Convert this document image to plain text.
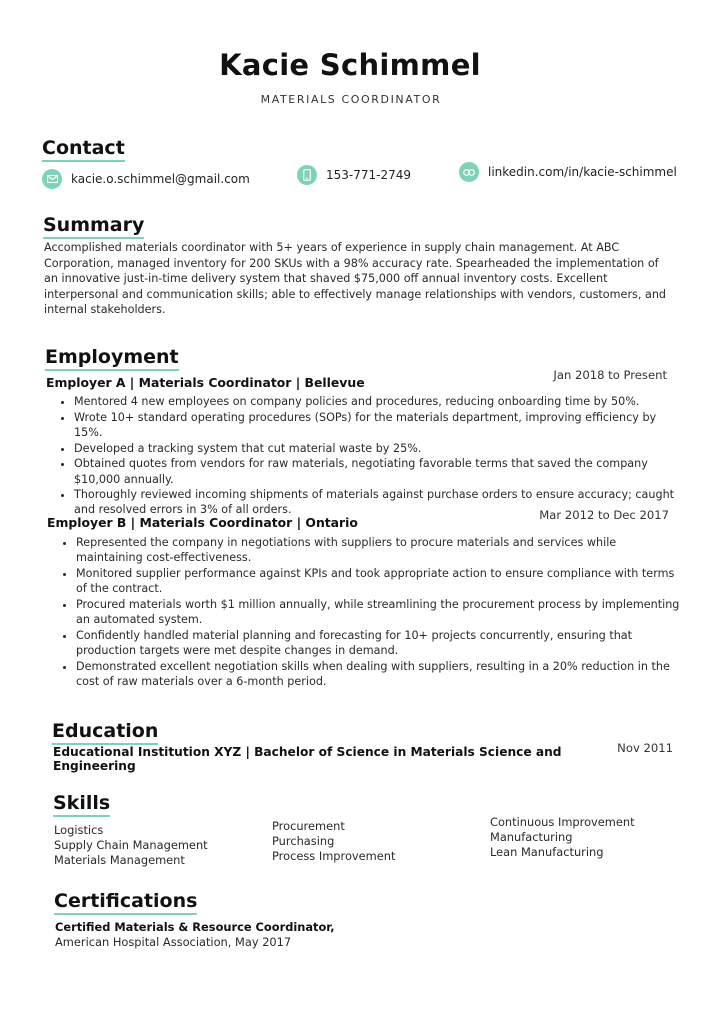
Kacie Schimmel
MATERIALS COORDINATOR
Contact
kacie.o.schimmel@gmail.com	153-771-2749	linkedin.com/in/kacie-schimmel
Summary
Accomplished materials coordinator with 5+ years of experience in supply chain management. At ABC Corporation, managed inventory for 200 SKUs with a 98% accuracy rate. Spearheaded the implementation of an innovative just-in-time delivery system that shaved $75,000 off annual inventory costs. Excellent interpersonal and communication skills; able to effectively manage relationships with vendors, customers, and internal stakeholders.
Employment
Employer A | Materials Coordinator | Bellevue	Jan 2018 to Present
• Mentored 4 new employees on company policies and procedures, reducing onboarding time by 50%.
• Wrote 10+ standard operating procedures (SOPs) for the materials department, improving efficiency by 15%.
• Developed a tracking system that cut material waste by 25%.
• Obtained quotes from vendors for raw materials, negotiating favorable terms that saved the company $10,000 annually.
• Thoroughly reviewed incoming shipments of materials against purchase orders to ensure accuracy; caught and resolved errors in 3% of all orders.
Employer B | Materials Coordinator | Ontario	Mar 2012 to Dec 2017
• Represented the company in negotiations with suppliers to procure materials and services while maintaining cost-effectiveness.
• Monitored supplier performance against KPIs and took appropriate action to ensure compliance with terms of the contract.
• Procured materials worth $1 million annually, while streamlining the procurement process by implementing an automated system.
• Confidently handled material planning and forecasting for 10+ projects concurrently, ensuring that production targets were met despite changes in demand.
• Demonstrated excellent negotiation skills when dealing with suppliers, resulting in a 20% reduction in the cost of raw materials over a 6-month period.
Education
Educational Institution XYZ | Bachelor of Science in Materials Science and Engineering
Nov 2011
Skills
Logistics
Supply Chain Management
Materials Management
Procurement
Purchasing
Process Improvement
Continuous Improvement
Manufacturing
Lean Manufacturing
Certifications
Certified Materials & Resource Coordinator,
American Hospital Association, May 2017
